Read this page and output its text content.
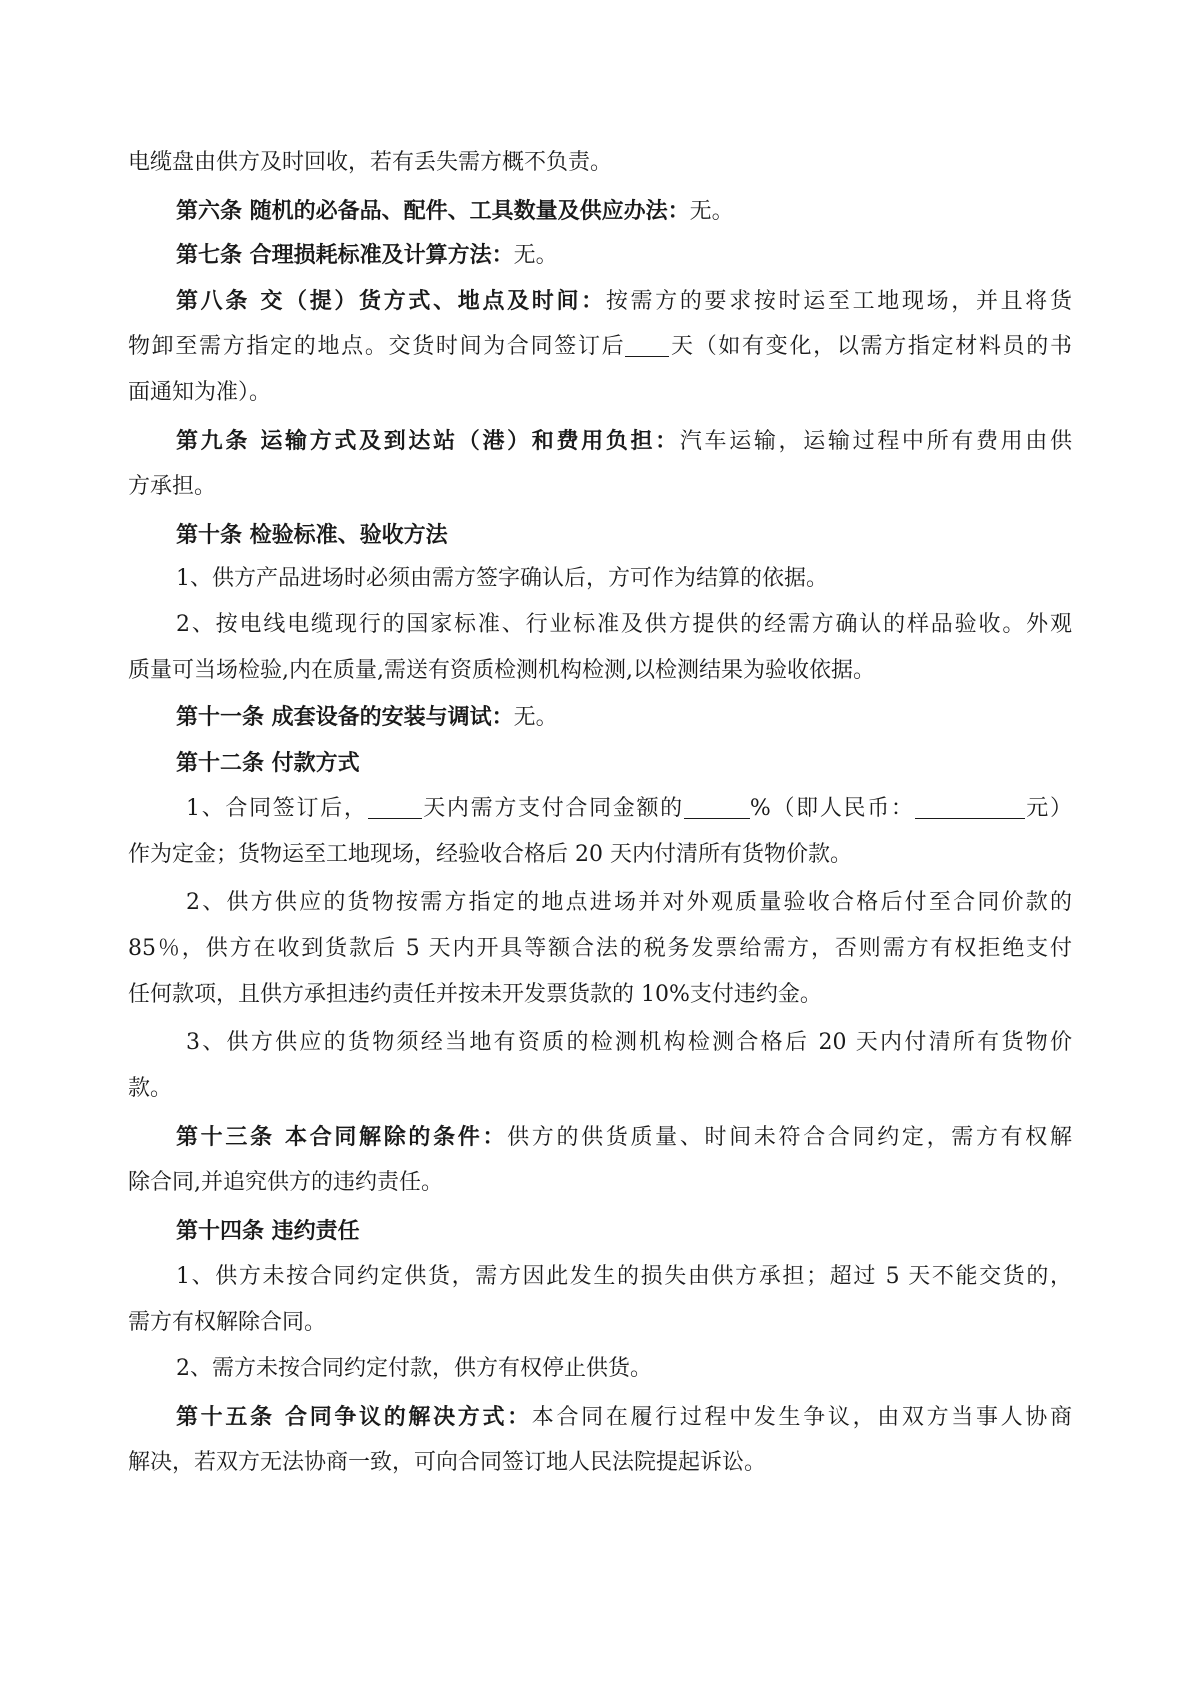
电缆盘由供方及时回收，若有丢失需方概不负责。
第六条 随机的必备品、配件、工具数量及供应办法：无。
第七条 合理损耗标准及计算方法：无。
第八条 交（提）货方式、地点及时间：按需方的要求按时运至工地现场，并且将货
物卸至需方指定的地点。交货时间为合同签订后 天（如有变化，以需方指定材料员的书
面通知为准）。
第九条 运输方式及到达站（港）和费用负担：汽车运输，运输过程中所有费用由供
方承担。
第十条 检验标准、验收方法
1、供方产品进场时必须由需方签字确认后，方可作为结算的依据。
2、按电线电缆现行的国家标准、行业标准及供方提供的经需方确认的样品验收。外观
质量可当场检验,内在质量,需送有资质检测机构检测,以检测结果为验收依据。
第十一条 成套设备的安装与调试：无。
第十二条 付款方式
1、合同签订后， 天内需方支付合同金额的	%（即人民币：	元）
作为定金；货物运至工地现场，经验收合格后 20 天内付清所有货物价款。
2、供方供应的货物按需方指定的地点进场并对外观质量验收合格后付至合同价款的
85％，供方在收到货款后 5 天内开具等额合法的税务发票给需方，否则需方有权拒绝支付
任何款项，且供方承担违约责任并按未开发票货款的 10%支付违约金。
3、供方供应的货物须经当地有资质的检测机构检测合格后 20 天内付清所有货物价
款。
第十三条 本合同解除的条件：供方的供货质量、时间未符合合同约定，需方有权解
除合同,并追究供方的违约责任。
第十四条 违约责任
1、供方未按合同约定供货，需方因此发生的损失由供方承担；超过 5 天不能交货的，
需方有权解除合同。
2、需方未按合同约定付款，供方有权停止供货。
第十五条 合同争议的解决方式：本合同在履行过程中发生争议，由双方当事人协商
解决，若双方无法协商一致，可向合同签订地人民法院提起诉讼。
